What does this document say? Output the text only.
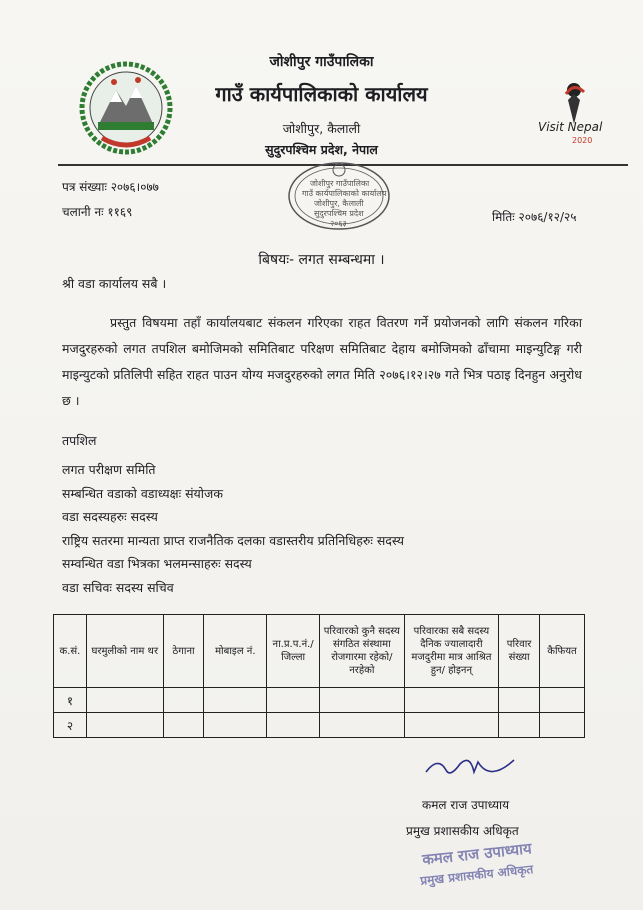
जोशीपुर गाउँपालिका
गाउँ कार्यपालिकाको कार्यालय
जोशीपुर, कैलाली
सुदुरपश्चिम प्रदेश, नेपाल
Visit Nepal
2020
पत्र संख्याः २०७६।०७७
चलानी नः ११६९	मितिः २०७६/१२/२५
जोशीपुर गाउँपालिका
गाउँ कार्यपालिकाको कार्यालय
जोशीपुर, कैलाली
सुदुरपश्चिम प्रदेश
२०६३
बिषयः- लगत सम्बन्धमा ।
श्री वडा कार्यालय सबै ।
प्रस्तुत विषयमा तहाँ कार्यालयबाट संकलन गरिएका राहत वितरण गर्ने प्रयोजनको लागि संकलन गरिका मजदुरहरुको लगत तपशिल बमोजिमको समितिबाट परिक्षण समितिबाट देहाय बमोजिमको ढाँचामा माइन्युटिङ्ग गरी माइन्युटको प्रतिलिपी सहित राहत पाउन योग्य मजदुरहरुको लगत मिति २०७६।१२।२७ गते भित्र पठाइ दिनहुन अनुरोध छ ।
तपशिल
लगत परीक्षण समिति
सम्बन्धित वडाको वडाध्यक्षः संयोजक
वडा सदस्यहरुः सदस्य
राष्ट्रिय सतरमा मान्यता प्राप्त राजनैतिक दलका वडास्तरीय प्रतिनिधिहरुः सदस्य
सम्वन्धित वडा भित्रका भलमन्साहरुः सदस्य
वडा सचिवः सदस्य सचिव
क.सं.	घरमुलीको नाम थर	ठेगाना	मोबाइल नं.	ना.प्र.प.नं./ जिल्ला	परिवारको कुनै सदस्य संगठित संस्थामा रोजगारमा रहेको/ नरहेको	परिवारका सबै सदस्य दैनिक ज्यालादारी मजदुरीमा मात्र आश्रित हुन/ होइनन्	परिवार संख्या	कैफियत
१								
२								
कमल राज उपाध्याय
प्रमुख प्रशासकीय अधिकृत
कमल राज उपाध्याय
प्रमुख प्रशासकीय अधिकृत
